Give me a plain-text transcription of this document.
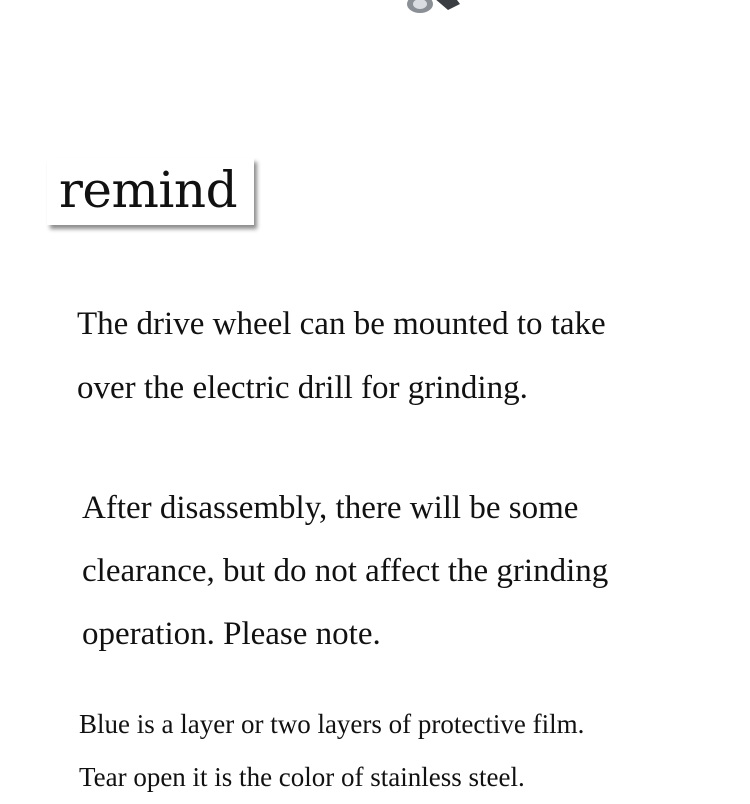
remind

The drive wheel can be mounted to take
over the electric drill for grinding.

After disassembly, there will be some
clearance, but do not affect the grinding
operation. Please note.

Blue is a layer or two layers of protective film.
Tear open it is the color of stainless steel.
